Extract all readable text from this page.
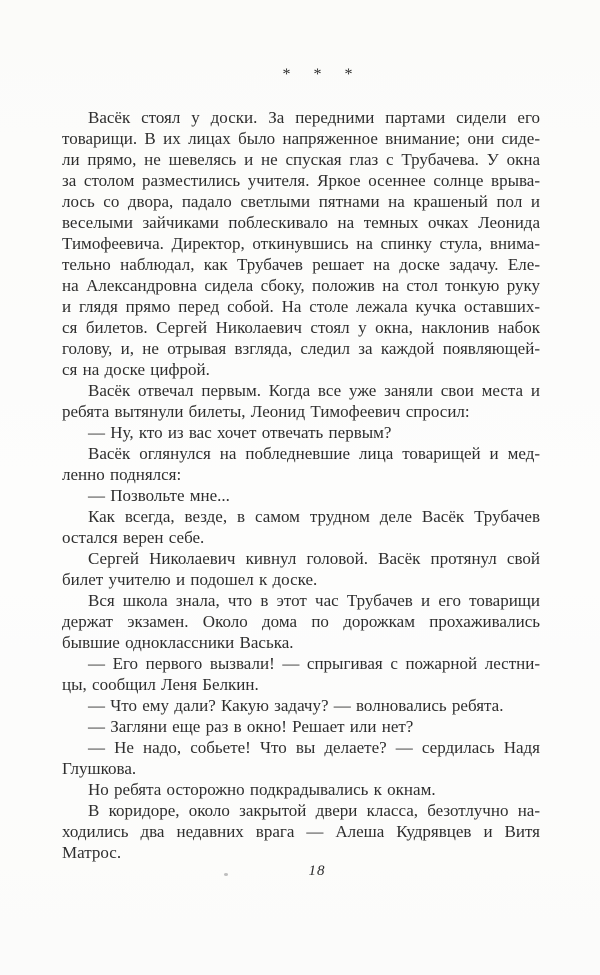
* * *
Васёк стоял у доски. За передними партами сидели его
товарищи. В их лицах было напряженное внимание; они сиде-
ли прямо, не шевелясь и не спуская глаз с Трубачева. У окна
за столом разместились учителя. Яркое осеннее солнце врыва-
лось со двора, падало светлыми пятнами на крашеный пол и
веселыми зайчиками поблескивало на темных очках Леонида
Тимофеевича. Директор, откинувшись на спинку стула, внима-
тельно наблюдал, как Трубачев решает на доске задачу. Еле-
на Александровна сидела сбоку, положив на стол тонкую руку
и глядя прямо перед собой. На столе лежала кучка оставших-
ся билетов. Сергей Николаевич стоял у окна, наклонив набок
голову, и, не отрывая взгляда, следил за каждой появляющей-
ся на доске цифрой.
Васёк отвечал первым. Когда все уже заняли свои места и
ребята вытянули билеты, Леонид Тимофеевич спросил:
— Ну, кто из вас хочет отвечать первым?
Васёк оглянулся на побледневшие лица товарищей и мед-
ленно поднялся:
— Позвольте мне...
Как всегда, везде, в самом трудном деле Васёк Трубачев
остался верен себе.
Сергей Николаевич кивнул головой. Васёк протянул свой
билет учителю и подошел к доске.
Вся школа знала, что в этот час Трубачев и его товарищи
держат экзамен. Около дома по дорожкам прохаживались
бывшие одноклассники Васька.
— Его первого вызвали! — спрыгивая с пожарной лестни-
цы, сообщил Леня Белкин.
— Что ему дали? Какую задачу? — волновались ребята.
— Загляни еще раз в окно! Решает или нет?
— Не надо, собьете! Что вы делаете? — сердилась Надя
Глушкова.
Но ребята осторожно подкрадывались к окнам.
В коридоре, около закрытой двери класса, безотлучно на-
ходились два недавних врага — Алеша Кудрявцев и Витя
Матрос.
18
